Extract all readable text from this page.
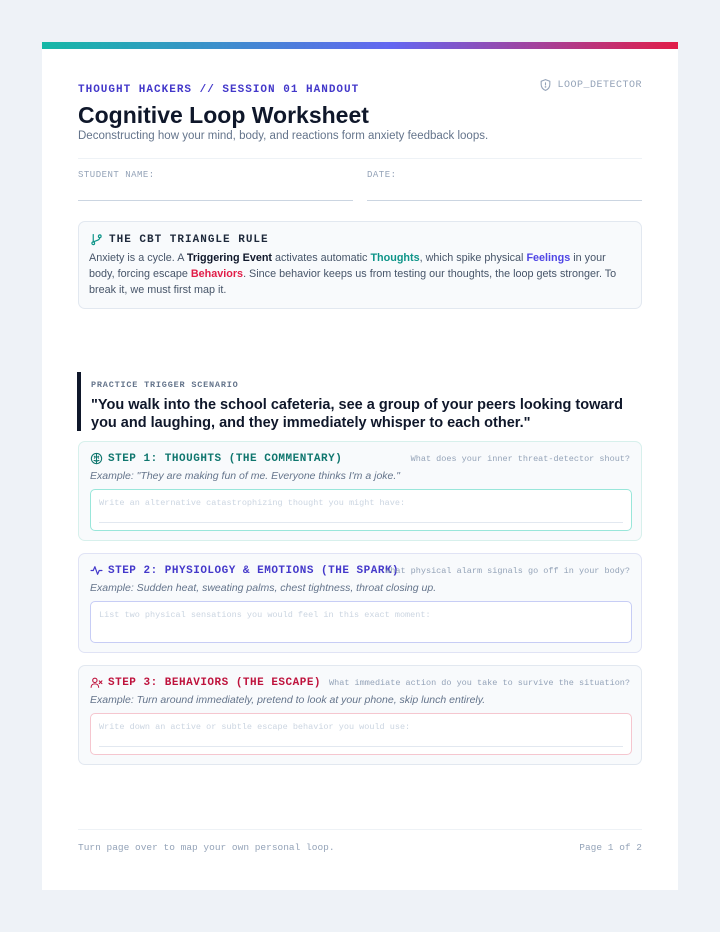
THOUGHT HACKERS // SESSION 01 HANDOUT	LOOP_DETECTOR
Cognitive Loop Worksheet
Deconstructing how your mind, body, and reactions form anxiety feedback loops.
STUDENT NAME:	DATE:
THE CBT TRIANGLE RULE

Anxiety is a cycle. A Triggering Event activates automatic Thoughts, which spike physical Feelings in your body, forcing escape Behaviors. Since behavior keeps us from testing our thoughts, the loop gets stronger. To break it, we must first map it.

PRACTICE TRIGGER SCENARIO
"You walk into the school cafeteria, see a group of your peers looking toward you and laughing, and they immediately whisper to each other."
STEP 1: THOUGHTS (THE COMMENTARY)	What does your inner threat-detector shout?
Example: "They are making fun of me. Everyone thinks I'm a joke."
Write an alternative catastrophizing thought you might have:
STEP 2: PHYSIOLOGY & EMOTIONS (THE SPARK)
What physical alarm signals go off in your body?
Example: Sudden heat, sweating palms, chest tightness, throat closing up.
List two physical sensations you would feel in this exact moment:
STEP 3: BEHAVIORS (THE ESCAPE) What immediate action do you take to survive the situation?
Example: Turn around immediately, pretend to look at your phone, skip lunch entirely.
Write down an active or subtle escape behavior you would use:
Turn page over to map your own personal loop.	Page 1 of 2
